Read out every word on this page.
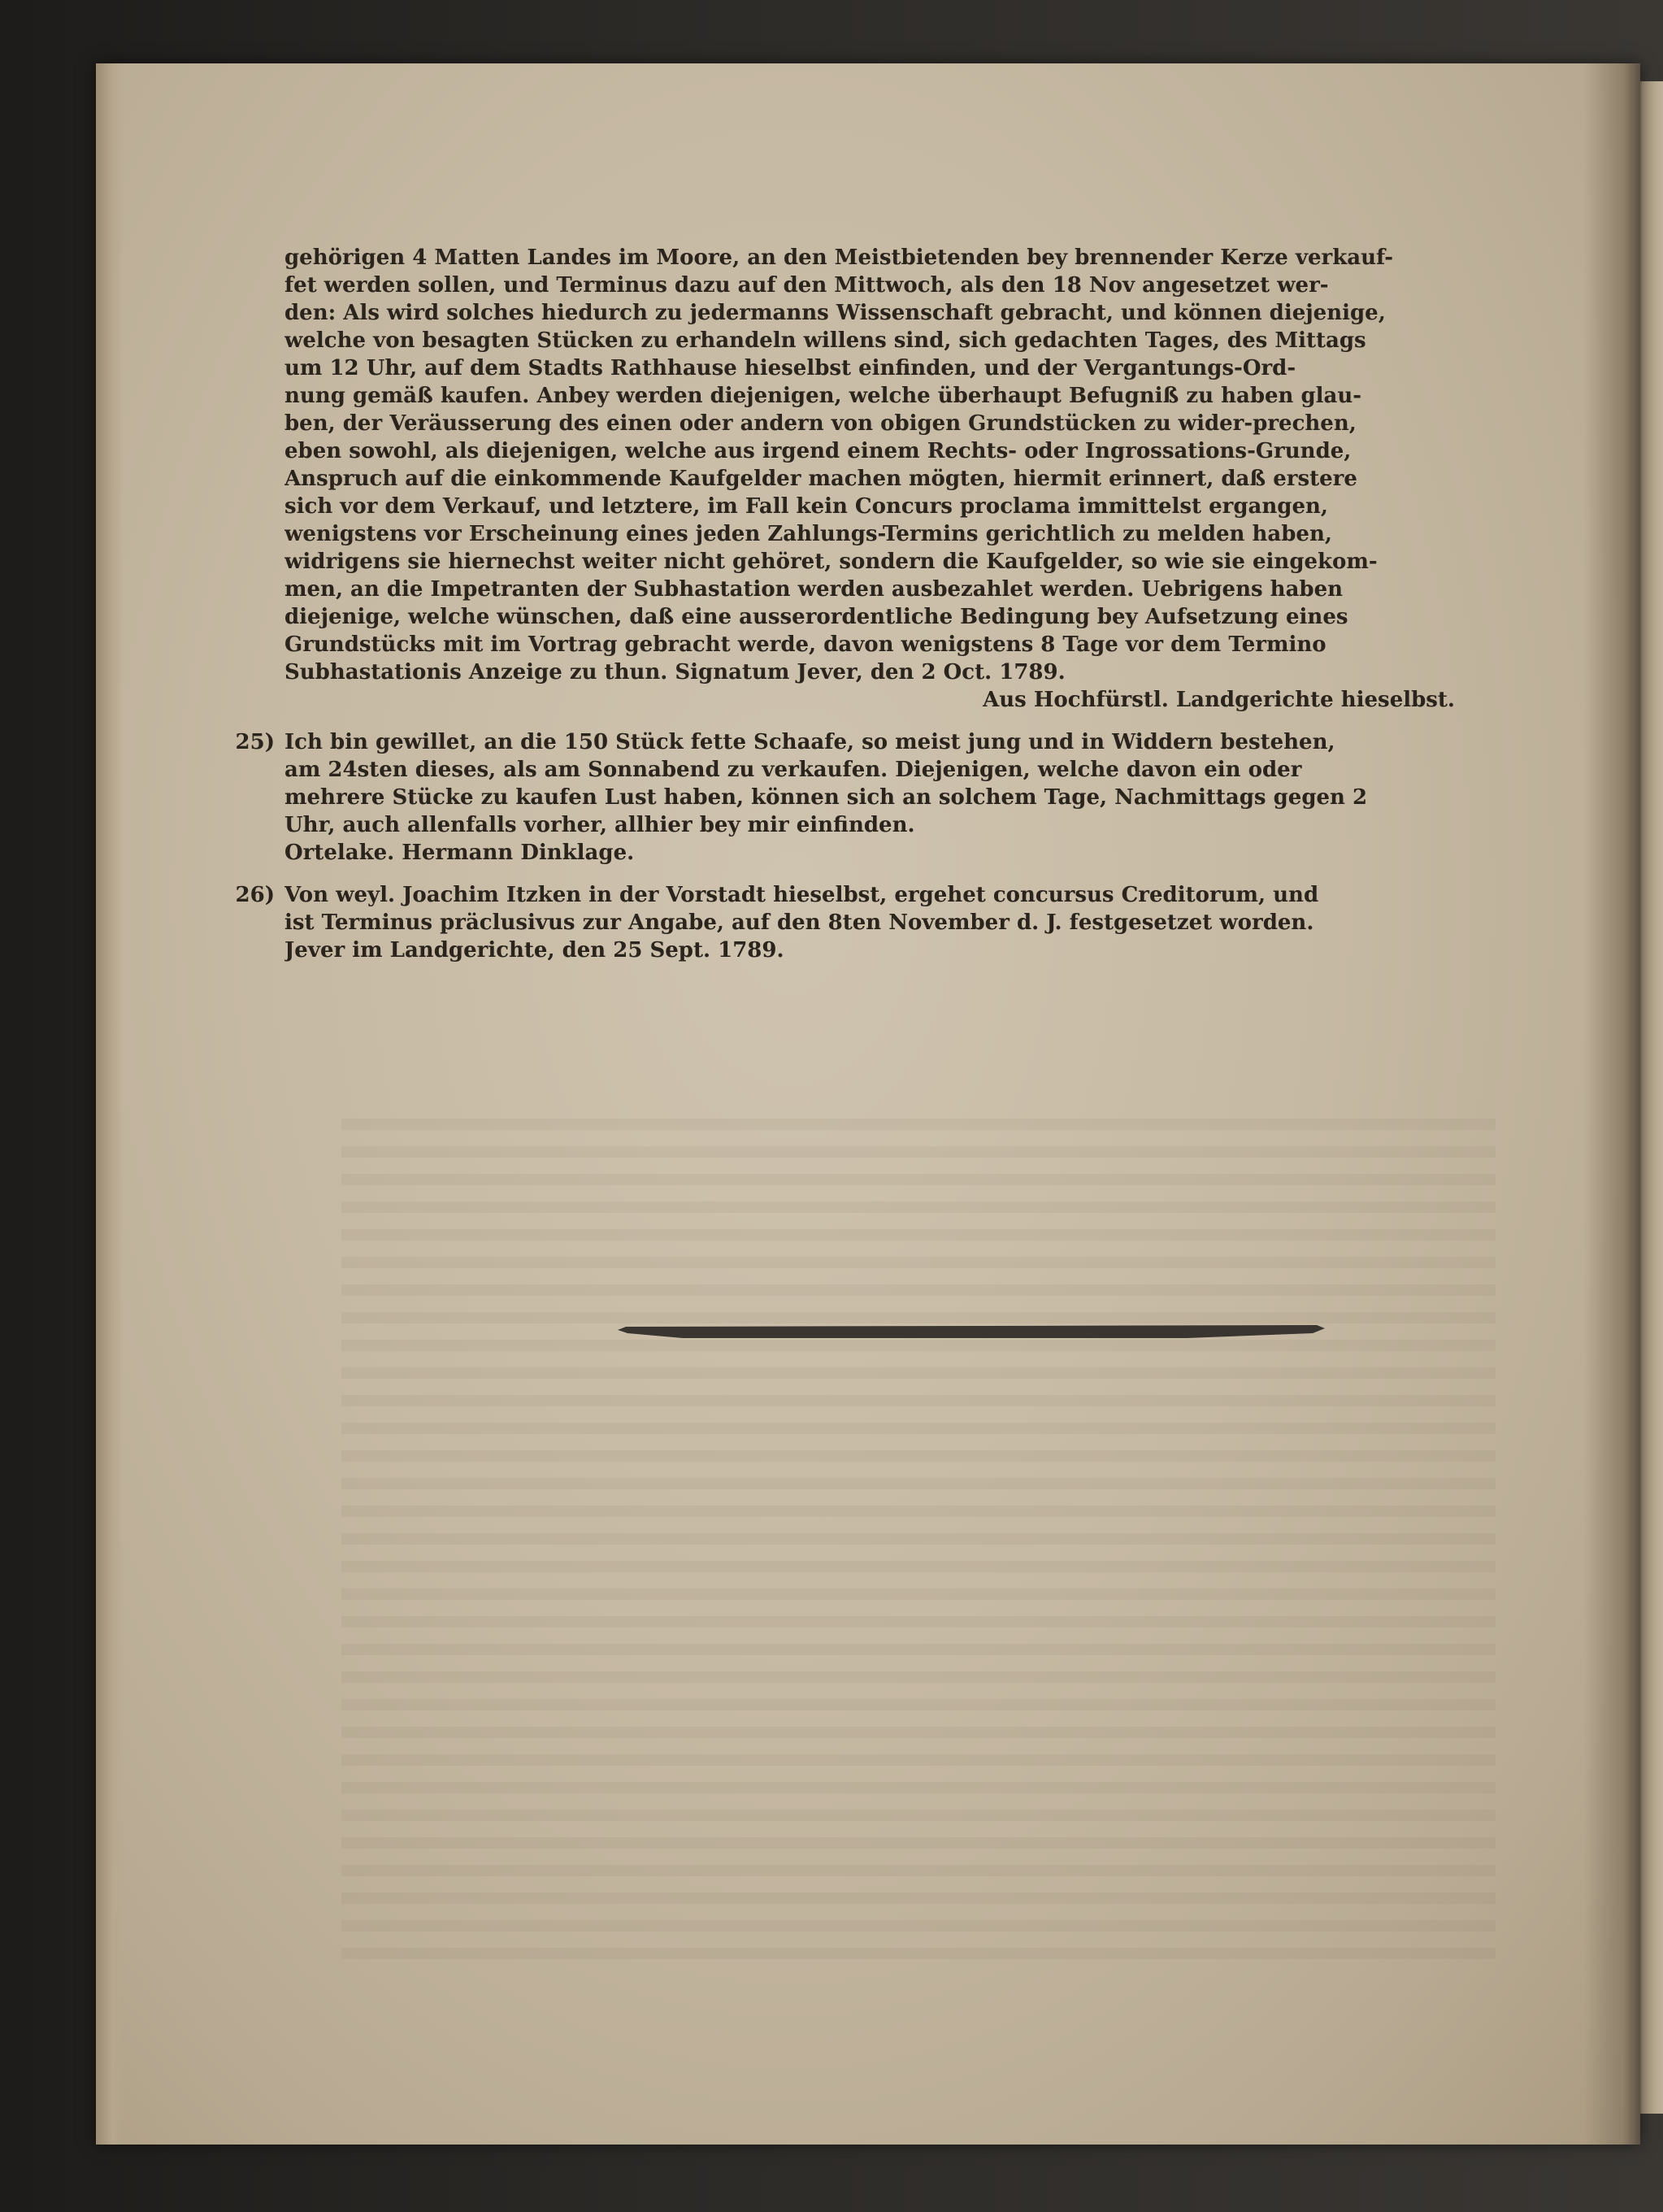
gehörigen 4 Matten Landes im Moore, an den Meistbietenden bey brennender Kerze verkauf-
fet werden sollen, und Terminus dazu auf den Mittwoch, als den 18 Nov angesetzet wer-
den: Als wird solches hiedurch zu jedermanns Wissenschaft gebracht, und können diejenige,
welche von besagten Stücken zu erhandeln willens sind, sich gedachten Tages, des Mittags
um 12 Uhr, auf dem Stadts Rathhause hieselbst einfinden, und der Vergantungs-Ord-
nung gemäß kaufen. Anbey werden diejenigen, welche überhaupt Befugniß zu haben glau-
ben, der Veräusserung des einen oder andern von obigen Grundstücken zu wider-prechen,
eben sowohl, als diejenigen, welche aus irgend einem Rechts- oder Ingrossations-Grunde,
Anspruch auf die einkommende Kaufgelder machen mögten, hiermit erinnert, daß erstere
sich vor dem Verkauf, und letztere, im Fall kein Concurs proclama immittelst ergangen,
wenigstens vor Erscheinung eines jeden Zahlungs-Termins gerichtlich zu melden haben,
widrigens sie hiernechst weiter nicht gehöret, sondern die Kaufgelder, so wie sie eingekom-
men, an die Impetranten der Subhastation werden ausbezahlet werden. Uebrigens haben
diejenige, welche wünschen, daß eine ausserordentliche Bedingung bey Aufsetzung eines
Grundstücks mit im Vortrag gebracht werde, davon wenigstens 8 Tage vor dem Termino
Subhastationis Anzeige zu thun. Signatum Jever, den 2 Oct. 1789.
Aus Hochfürstl. Landgerichte hieselbst.
25) Ich bin gewillet, an die 150 Stück fette Schaafe, so meist jung und in Widdern bestehen,
am 24sten dieses, als am Sonnabend zu verkaufen. Diejenigen, welche davon ein oder
mehrere Stücke zu kaufen Lust haben, können sich an solchem Tage, Nachmittags gegen 2
Uhr, auch allenfalls vorher, allhier bey mir einfinden.
Ortelake. Hermann Dinklage.
26) Von weyl. Joachim Itzken in der Vorstadt hieselbst, ergehet concursus Creditorum, und
ist Terminus präclusivus zur Angabe, auf den 8ten November d. J. festgesetzet worden.
Jever im Landgerichte, den 25 Sept. 1789.
